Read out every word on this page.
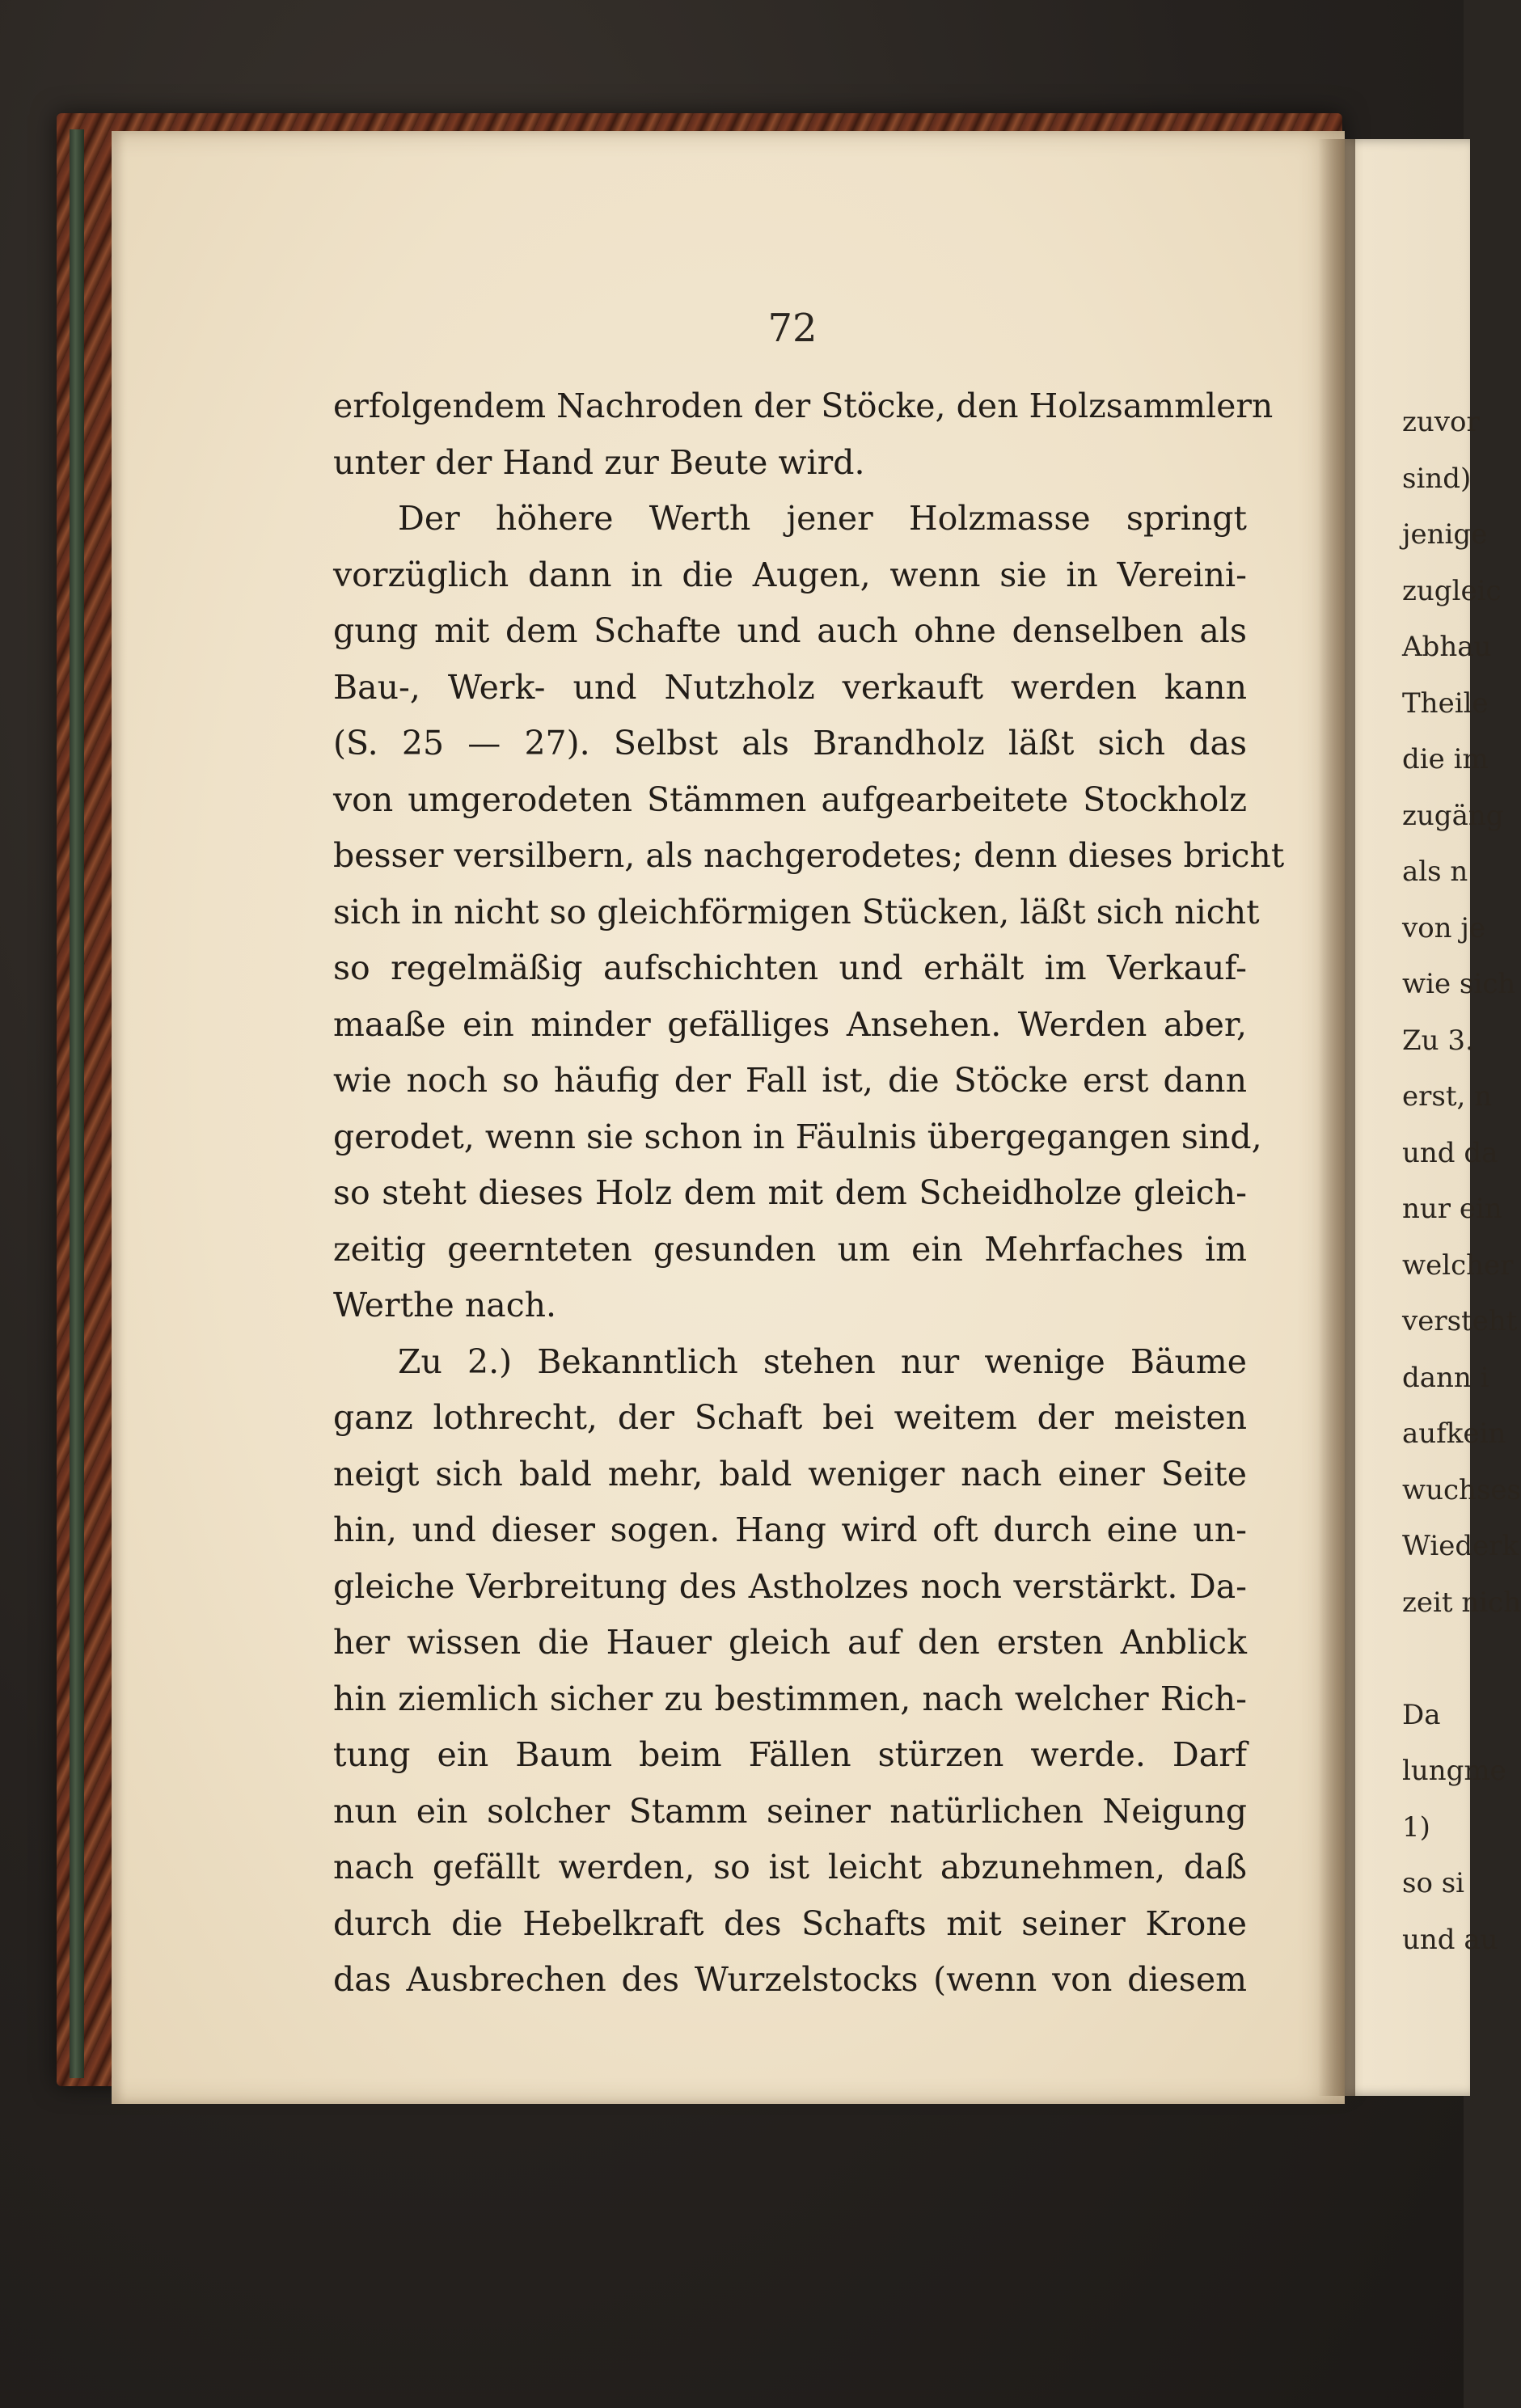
72

erfolgendem Nachroden der Stöcke, den Holzsammlern
unter der Hand zur Beute wird.
Der höhere Werth jener Holzmasse springt
vorzüglich dann in die Augen, wenn sie in Vereini-
gung mit dem Schafte und auch ohne denselben als
Bau-, Werk- und Nutzholz verkauft werden kann
(S. 25 — 27). Selbst als Brandholz läßt sich das
von umgerodeten Stämmen aufgearbeitete Stockholz
besser versilbern, als nachgerodetes; denn dieses bricht
sich in nicht so gleichförmigen Stücken, läßt sich nicht
so regelmäßig aufschichten und erhält im Verkauf-
maaße ein minder gefälliges Ansehen. Werden aber,
wie noch so häufig der Fall ist, die Stöcke erst dann
gerodet, wenn sie schon in Fäulnis übergegangen sind,
so steht dieses Holz dem mit dem Scheidholze gleich-
zeitig geernteten gesunden um ein Mehrfaches im
Werthe nach.
Zu 2.) Bekanntlich stehen nur wenige Bäume
ganz lothrecht, der Schaft bei weitem der meisten
neigt sich bald mehr, bald weniger nach einer Seite
hin, und dieser sogen. Hang wird oft durch eine un-
gleiche Verbreitung des Astholzes noch verstärkt. Da-
her wissen die Hauer gleich auf den ersten Anblick
hin ziemlich sicher zu bestimmen, nach welcher Rich-
tung ein Baum beim Fällen stürzen werde. Darf
nun ein solcher Stamm seiner natürlichen Neigung
nach gefällt werden, so ist leicht abzunehmen, daß
durch die Hebelkraft des Schafts mit seiner Krone
das Ausbrechen des Wurzelstocks (wenn von diesem
zuvor
sind)
jenige
zugleic
Abhau
Theile
die im
zugäng
als n
von je
wie sich
Zu 3.
erst, n
und da
nur ein
welcher
versteht
dann i
aufkein
wuchses
Wiederk
zeit nich
Da
lungme
1)
so si
und au
